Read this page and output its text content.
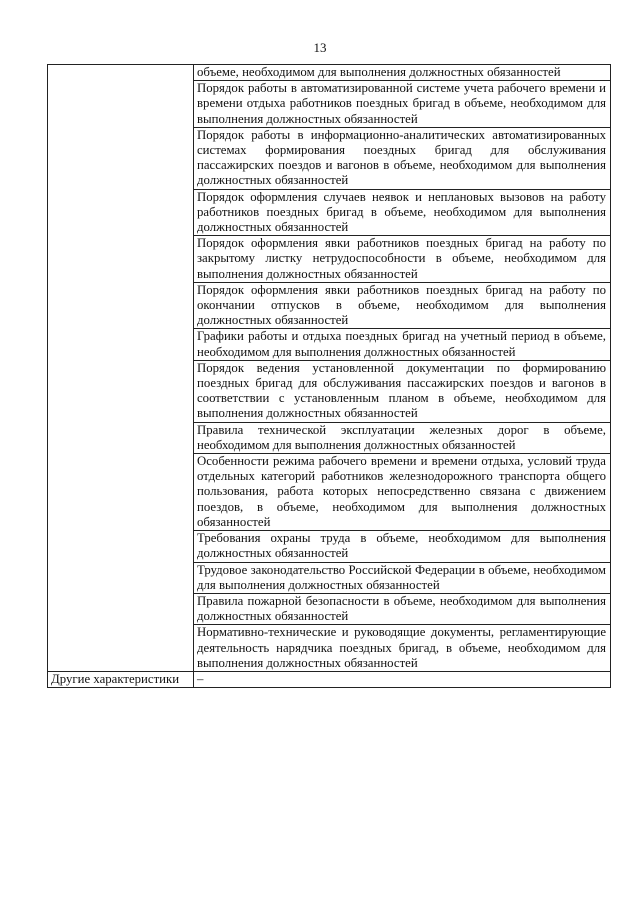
13
	объеме, необходимом для выполнения должностных обязанностей
	Порядок работы в автоматизированной системе учета рабочего времени и времени отдыха работников поездных бригад в объеме, необходимом для выполнения должностных обязанностей
	Порядок работы в информационно-аналитических автоматизированных системах формирования поездных бригад для обслуживания пассажирских поездов и вагонов в объеме, необходимом для выполнения должностных обязанностей
	Порядок оформления случаев неявок и неплановых вызовов на работу работников поездных бригад в объеме, необходимом для выполнения должностных обязанностей
	Порядок оформления явки работников поездных бригад на работу по закрытому листку нетрудоспособности в объеме, необходимом для выполнения должностных обязанностей
	Порядок оформления явки работников поездных бригад на работу по окончании отпусков в объеме, необходимом для выполнения должностных обязанностей
	Графики работы и отдыха поездных бригад на учетный период в объеме, необходимом для выполнения должностных обязанностей
	Порядок ведения установленной документации по формированию поездных бригад для обслуживания пассажирских поездов и вагонов в соответствии с установленным планом в объеме, необходимом для выполнения должностных обязанностей
	Правила технической эксплуатации железных дорог в объеме, необходимом для выполнения должностных обязанностей
	Особенности режима рабочего времени и времени отдыха, условий труда отдельных категорий работников железнодорожного транспорта общего пользования, работа которых непосредственно связана с движением поездов, в объеме, необходимом для выполнения должностных обязанностей
	Требования охраны труда в объеме, необходимом для выполнения должностных обязанностей
	Трудовое законодательство Российской Федерации в объеме, необходимом для выполнения должностных обязанностей
	Правила пожарной безопасности в объеме, необходимом для выполнения должностных обязанностей
	Нормативно-технические и руководящие документы, регламентирующие деятельность нарядчика поездных бригад, в объеме, необходимом для выполнения должностных обязанностей
Другие характеристики	–
